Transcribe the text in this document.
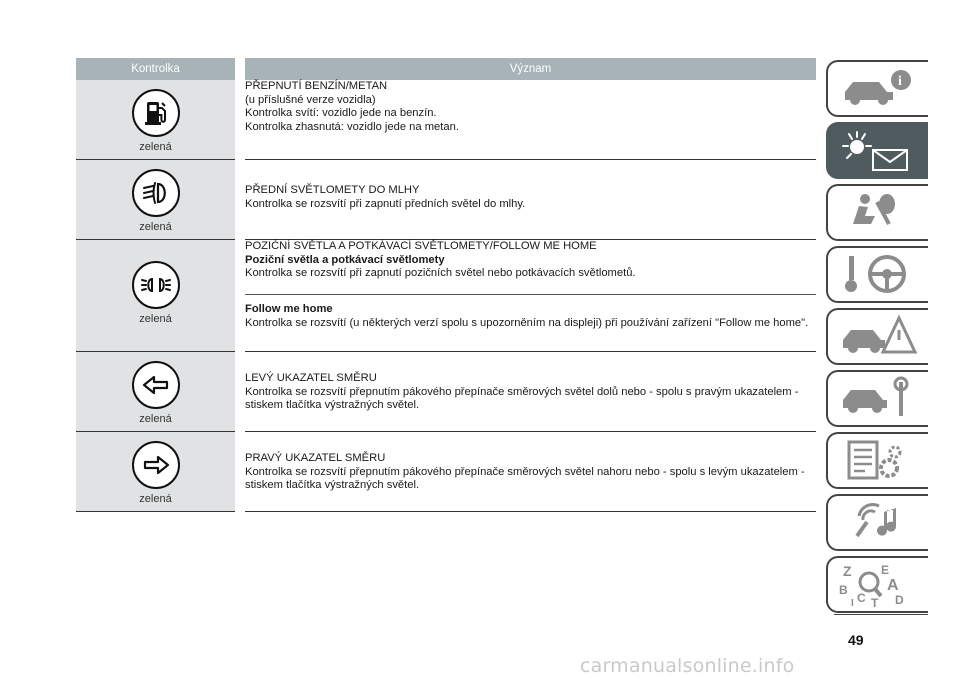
Kontrolka	Význam

zelená	PŘEPNUTÍ BENZÍN/METAN
(u příslušné verze vozidla)
Kontrolka svítí: vozidlo jede na benzín.
Kontrolka zhasnutá: vozidlo jede na metan.

zelená	PŘEDNÍ SVĚTLOMETY DO MLHY
Kontrolka se rozsvítí při zapnutí předních světel do mlhy.

zelená	POZIČNÍ SVĚTLA A POTKÁVACÍ SVĚTLOMETY/FOLLOW ME HOME
Poziční světla a potkávací světlomety
Kontrolka se rozsvítí při zapnutí pozičních světel nebo potkávacích světlometů.

	Follow me home
Kontrolka se rozsvítí (u některých verzí spolu s upozorněním na displeji) při používání zařízení "Follow me home".

zelená	LEVÝ UKAZATEL SMĚRU
Kontrolka se rozsvítí přepnutím pákového přepínače směrových světel dolů nebo - spolu s pravým ukazatelem - stiskem tlačítka výstražných světel.

zelená	PRAVÝ UKAZATEL SMĚRU
Kontrolka se rozsvítí přepnutím pákového přepínače směrových světel nahoru nebo - spolu s levým ukazatelem - stiskem tlačítka výstražných světel.
i
Z E
A
B
C D
I T
49
carmanualsonline.info
